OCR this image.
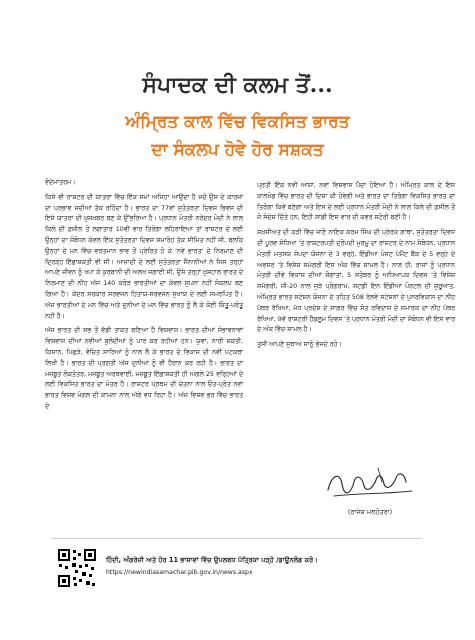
ਸੰਪਾਦਕ ਦੀ ਕਲਮ ਤੋਂ...
ਅੰਮ੍ਰਿਤ ਕਾਲ ਵਿੱਚ ਵਿਕਸਿਤ ਭਾਰਤ
ਦਾ ਸੰਕਲਪ ਹੋਵੇ ਹੋਰ ਸਸ਼ਕਤ

ਵੰਦੇਮਾਤਰਮ।

ਕਿਸੇ ਵੀ ਰਾਸ਼ਟਰ ਦੀ ਯਾਤਰਾ ਵਿੱਚ ਇੱਕ ਸਮਾਂ ਅਜਿਹਾ ਆਉਂਦਾ ਹੈ ਜਦੋਂ ਉਸ ਦੇ ਕਾਰਜਾਂ ਦਾ ਪ੍ਰਭਾਵ ਸਦੀਆਂ ਤੱਕ ਰਹਿੰਦਾ ਹੈ। ਭਾਰਤ ਦਾ 77ਵਾਂ ਸੁਤੰਤਰਤਾ ਦਿਵਸ ਭਿਵਸ ਦੀ ਇਸੇ ਯਾਤਰਾ ਦੀ ਖ਼ੁਸ਼ਖ਼ਬਰ ਬਣ ਕੇ ਉੱਭਰਿਆ ਹੈ। ਪ੍ਰਧਾਨ ਮੰਤਰੀ ਨਰੇਂਦਰ ਮੋਦੀ ਨੇ ਲਾਲ ਕਿਲੇ ਦੀ ਫ਼ਸੀਲ ਤੋਂ ਲਗਾਤਾਰ 10ਵੀਂ ਵਾਰ ਤਿਰੰਗਾ ਲਹਿਰਾਇਆ ਤਾਂ ਰਾਸ਼ਟਰ ਦੇ ਲਈ ਉਨ੍ਹਾਂ ਦਾ ਸੰਬੋਧਨ ਕੇਵਲ ਇੱਕ ਸੁਤੰਤਰਤਾ ਦਿਵਸ ਸਮਾਰੋਹ ਤੱਕ ਸੀਮਿਤ ਨਹੀਂ ਸੀ, ਬਲਕਿ ਉਨ੍ਹਾਂ ਦੇ ਮਨ ਵਿੱਚ ਵਰਤਮਾਨ ਭਾਵ ਤੋਂ ਪ੍ਰੇਰਿਤ ਹੋ ਕੇ 'ਨਵੇਂ ਭਾਰਤ' ਦੇ ਨਿਰਮਾਣ ਦੀ ਦ੍ਰਿੜ੍ਹ ਇੱਛਾਸ਼ਕਤੀ ਵੀ ਸੀ। ਆਜ਼ਾਦੀ ਦੇ ਲਈ ਸੁਤੰਤਰਤਾ ਸੈਨਾਨੀਆਂ ਨੇ ਜਿਸ ਤਰ੍ਹਾਂ ਆਪਣੇ ਜੀਵਨ ਨੂੰ ਖਪਾ ਕੇ ਕੁਰਬਾਨੀ ਦੀ ਅਲਖ ਜਗਾਈ ਸੀ, ਉਸੇ ਤਰ੍ਹਾਂ ਖ਼ੁਸ਼ਹਾਲ ਭਾਰਤ ਦੇ ਨਿਰਮਾਣ ਦੀ ਨੀਂਹ ਅੱਜ 140 ਕਰੋੜ ਭਾਰਤੀਆਂ ਦਾ ਕੇਵਲ ਸੁਪਨਾ ਨਹੀਂ ਸੰਕਲਪ ਬਣ ਗਿਆ ਹੈ। ਕੇਂਦਰ ਸਰਕਾਰ ਸਰਵਜਨ ਹਿਤਾਯ-ਸਰਵਜਨ ਸੁਖਾਯ ਦੇ ਲਈ ਸਮਰਪਿਤ ਹੈ। ਅੱਜ ਭਾਰਤੀਆਂ ਦੇ ਮਨ ਵਿੱਚ ਅਤੇ ਦੁਨੀਆ ਦੇ ਮਨ ਵਿੱਚ ਭਾਰਤ ਨੂੰ ਲੈ ਕੇ ਕੋਈ ਕਿੰਤੂ-ਪਰੰਤੂ ਨਹੀਂ ਹੈ।

ਅੱਜ ਭਾਰਤ ਦੀ ਸਭ ਤੋਂ ਵੱਡੀ ਤਾਕਤ ਬਣਿਆ ਹੈ ਵਿਸ਼ਵਾਸ। ਭਾਰਤ ਦੀਆਂ ਸੰਭਾਵਨਾਵਾਂ ਵਿਸ਼ਵਾਸ ਦੀਆਂ ਨਵੀਆਂ ਬੁਲੰਦੀਆਂ ਨੂੰ ਪਾਰ ਕਰ ਰਹੀਆਂ ਹਨ। ਯੁਵਾ, ਨਾਰੀ ਸ਼ਕਤੀ, ਕਿਸਾਨ, ਪਿਛੜੇ, ਵੰਚਿਤ ਸਾਰਿਆਂ ਨੂੰ ਨਾਲ ਲੈ ਕੇ ਭਾਰਤ ਦੇ ਵਿਕਾਸ ਦੀ ਨਵੀਂ ਪਟਕਥਾ ਲਿਖੀ ਹੈ। ਭਾਰਤ ਦੀ ਪ੍ਰਗਤੀ ਅੱਜ ਦੁਨੀਆ ਨੂੰ ਵੀ ਹੈਰਾਨ ਕਰ ਰਹੀ ਹੈ। ਭਾਰਤ ਦਾ ਮਜ਼ਬੂਤ ਲੋਕਤੰਤਰ, ਮਜ਼ਬੂਤ ਅਰਥਵਾਈ, ਮਜ਼ਬੂਤ ਇੱਛਾਸ਼ਕਤੀ ਹੀ ਅਗਲੇ 25 ਵਰ੍ਹਿਆਂ ਦੇ ਲਈ ਵਿਕਸਿਤ ਭਾਰਤ ਦਾ ਮੰਤਰ ਹੈ। ਰਾਸ਼ਟਰ ਪ੍ਰਥਮ ਦੀ ਚੇਤਨਾ ਨਾਲ ਓਤ-ਪ੍ਰੋਤ ਨਵਾਂ ਭਾਰਤ ਵਿਸ਼ਵ ਮੰਗਲ ਦੀ ਕਾਮਨਾ ਨਾਲ ਅੱਗੇ ਵਧ ਰਿਹਾ ਹੈ। ਅੱਜ ਵਿਸ਼ਵ ਭਰ ਵਿੱਚ ਭਾਰਤ ਦੇ

ਪ੍ਰਤੀ ਇੱਕ ਨਵੀਂ ਆਸ਼ਾ, ਨਵਾਂ ਵਿਸ਼ਵਾਸ ਪੈਦਾ ਹੋਇਆ ਹੈ। ਅੰਮ੍ਰਿਤ ਕਾਲ ਦੇ ਇਸ ਕਾਲਖੰਡ ਵਿੱਚ ਭਾਰਤ ਦੀ ਦਿਸ਼ਾ ਕੀ ਹੋਵੇਗੀ ਅਤੇ ਭਾਰਤ ਦਾ ਤਿਰੰਗਾ ਵਿਕਸਿਤ ਭਾਰਤ ਦਾ ਤਿਰੰਗਾ ਕਿਵੇਂ ਬਣੇਗਾ ਅਤੇ ਇਸ ਦੇ ਲਈ ਪ੍ਰਧਾਨ ਮੰਤਰੀ ਮੋਦੀ ਨੇ ਲਾਲ ਕਿਲੇ ਦੀ ਫ਼ਸੀਲ ਤੋਂ ਜੋ ਸੰਦੇਸ਼ ਦਿੱਤੇ ਹਨ, ਇਹੀ ਸਾਡੀ ਇਸ ਵਾਰ ਦੀ ਕਵਰ ਸਟੋਰੀ ਬਣੀ ਹੈ।

ਸ਼ਖ਼ਸੀਅਤ ਦੀ ਕੜੀ ਵਿੱਚ ਜਾਣੋ ਨਾਇਕ ਕਰਮ ਸਿੰਘ ਦੀ ਪ੍ਰੇਰਕ ਗਾਥਾ, ਸੁਤੰਤਰਤਾ ਦਿਵਸ ਦੀ ਪੂਰਵ ਸੰਧਿਆ 'ਤੇ ਰਾਸ਼ਟਰਪਤੀ ਦ੍ਰੌਪਦੀ ਮੁਰਮੂ ਦਾ ਰਾਸ਼ਟਰ ਦੇ ਨਾਮ ਸੰਬੋਧਨ, ਪ੍ਰਧਾਨ ਮੰਤਰੀ ਮਤਸਯ ਸੰਪਦਾ ਯੋਜਨਾ ਦੇ 3 ਵਰ੍ਹੇ, ਇੰਡੀਆ ਪੋਸਟ ਪੇਮੈਂਟ ਬੈਂਕ ਦੇ 5 ਵਰ੍ਹੇ ਦੇ ਅਵਸਰ 'ਤੇ ਵਿਸ਼ੇਸ਼ ਸਮੱਗਰੀ ਇਸ ਅੰਕ ਵਿੱਚ ਸ਼ਾਮਲ ਹੈ। ਨਾਲ ਹੀ, ਰਾਜਾਂ ਨੂੰ ਪ੍ਰਧਾਨ ਮੰਤਰੀ ਦੀਵੇ ਵਿਕਾਸ ਦੀਆਂ ਸੌਗਾਤਾਂ, 5 ਸਤੰਬਰ ਨੂੰ ਅਧਿਆਪਕ ਦਿਵਸ 'ਤੇ ਵਿਸ਼ੇਸ਼ ਸਮੱਗਰੀ, ਜੀ-20 ਨਾਲ ਜੁੜੇ ਪ੍ਰੋਗਰਾਮ, ਸਟਡੀ ਇਨ ਇੰਡੀਆ ਪੋਰਟਲ ਦੀ ਸ਼ੁਰੂਆਤ, ਅੰਮ੍ਰਿਤ ਭਾਰਤ ਸਟੇਸ਼ਨ ਯੋਜਨਾ ਦੇ ਤਹਿਤ 508 ਰੇਲਵੇ ਸਟੇਸ਼ਨਾਂ ਦੇ ਪੁਨਰਵਿਕਾਸ ਦਾ ਨੀਂਹ ਪੱਥਰ ਰੱਖਿਆ, ਮੱਧ ਪ੍ਰਦੇਸ਼ ਦੇ ਸਾਗਰ ਵਿੱਚ ਸੰਤ ਰਵਿਦਾਸ ਦੇ ਸਮਾਰਕ ਦਾ ਨੀਂਹ ਪੱਥਰ ਰੱਖਿਆ, 9ਵੇਂ ਰਾਸ਼ਟਰੀ ਹੈਂਡਲੂਮ ਦਿਵਸ 'ਤੇ ਪ੍ਰਧਾਨ ਮੰਤਰੀ ਮੋਦੀ ਦਾ ਸੰਬੋਧਨ ਵੀ ਇਸ ਵਾਰ ਦੇ ਅੰਕ ਵਿੱਚ ਸ਼ਾਮਲ ਹੈ।

ਤੁਸੀਂ ਆਪਣੇ ਸੁਝਾਅ ਸਾਨੂੰ ਭੇਜਦੇ ਰਹੋ।

(ਰਾਜੇਸ਼ ਮਲਹੋਤਰਾ)
ਹਿੰਦੀ, ਅੰਗਰੇਜ਼ੀ ਅਤੇ ਹੋਰ 11 ਭਾਸ਼ਾਵਾਂ ਵਿੱਚ ਉਪਲਬਧ ਪੱਤ੍ਰਿਕਾ ਪੜ੍ਹੋ /ਡਾਊਨਲੋਡ ਕਰੋ।
https://newindiasamachar.pib.gov.in/news.aspx
